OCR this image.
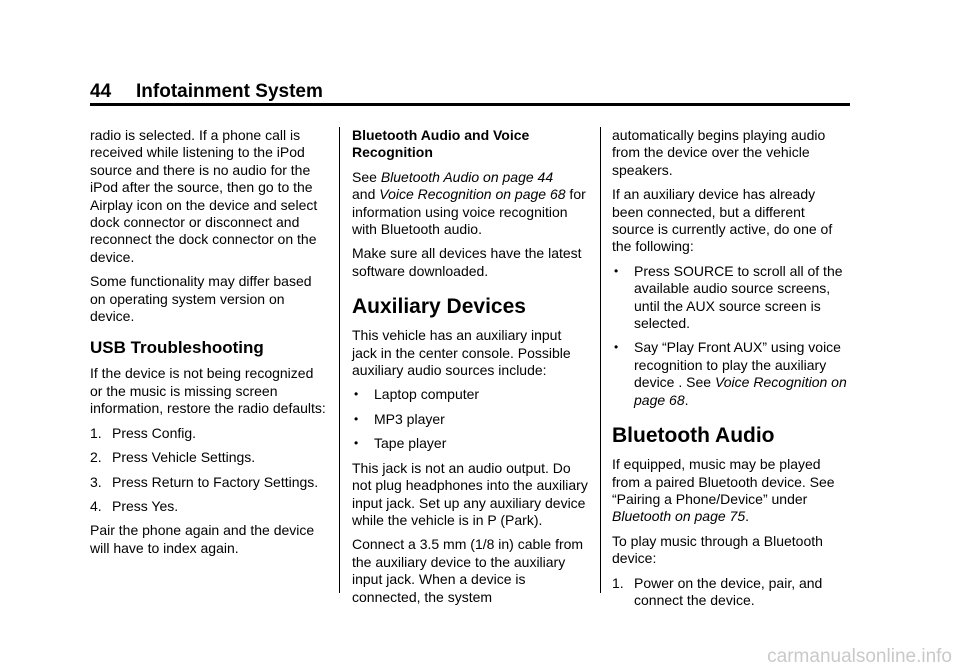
44 Infotainment System

radio is selected. If a phone call is received while listening to the iPod source and there is no audio for the iPod after the source, then go to the Airplay icon on the device and select dock connector or disconnect and reconnect the dock connector on the device.

Some functionality may differ based on operating system version on device.

USB Troubleshooting

If the device is not being recognized or the music is missing screen information, restore the radio defaults:

1. Press Config.
2. Press Vehicle Settings.
3. Press Return to Factory Settings.
4. Press Yes.

Pair the phone again and the device will have to index again.

Bluetooth Audio and Voice Recognition

See Bluetooth Audio on page 44
and Voice Recognition on page 68 for information using voice recognition with Bluetooth audio.

Make sure all devices have the latest software downloaded.

Auxiliary Devices

This vehicle has an auxiliary input jack in the center console. Possible auxiliary audio sources include:

• Laptop computer
• MP3 player
• Tape player

This jack is not an audio output. Do not plug headphones into the auxiliary input jack. Set up any auxiliary device while the vehicle is in P (Park).

Connect a 3.5 mm (1/8 in) cable from the auxiliary device to the auxiliary input jack. When a device is connected, the system

automatically begins playing audio from the device over the vehicle speakers.

If an auxiliary device has already been connected, but a different source is currently active, do one of the following:

• Press SOURCE to scroll all of the available audio source screens, until the AUX source screen is selected.
• Say “Play Front AUX” using voice recognition to play the auxiliary device . See Voice Recognition on page 68.
Bluetooth Audio

If equipped, music may be played from a paired Bluetooth device. See “Pairing a Phone/Device” under Bluetooth on page 75.

To play music through a Bluetooth device:

1. Power on the device, pair, and connect the device.
carmanualsonline.info
